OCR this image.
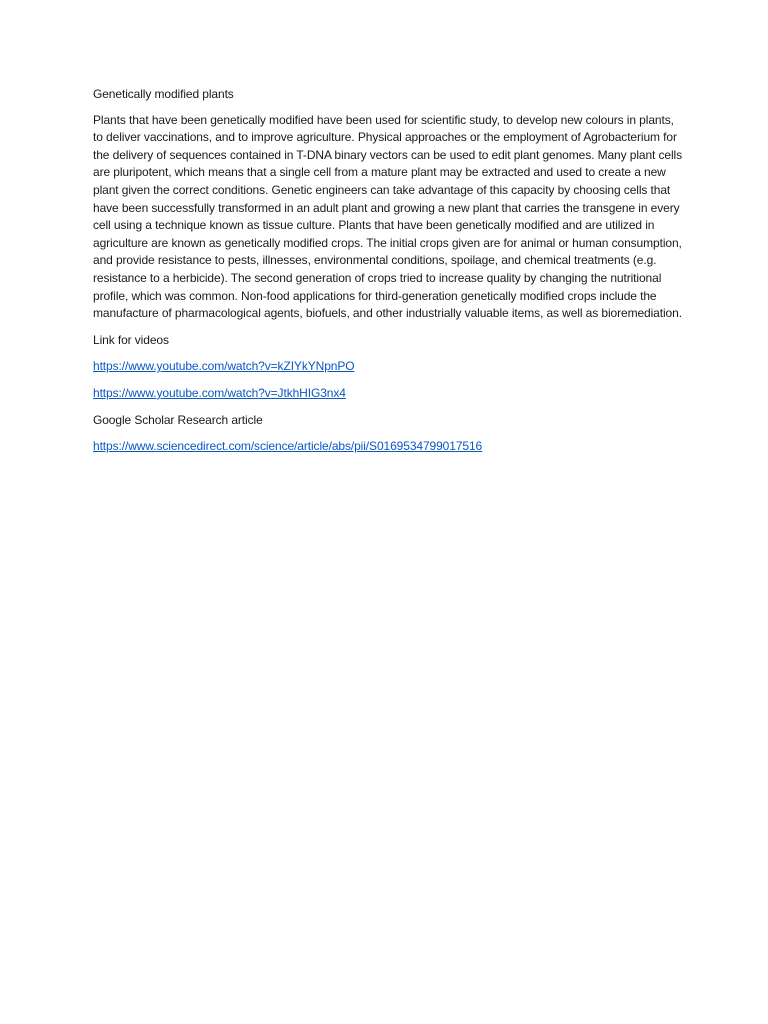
Genetically modified plants

Plants that have been genetically modified have been used for scientific study, to develop new colours in plants, to deliver vaccinations, and to improve agriculture. Physical approaches or the employment of Agrobacterium for the delivery of sequences contained in T-DNA binary vectors can be used to edit plant genomes. Many plant cells are pluripotent, which means that a single cell from a mature plant may be extracted and used to create a new plant given the correct conditions. Genetic engineers can take advantage of this capacity by choosing cells that have been successfully transformed in an adult plant and growing a new plant that carries the transgene in every cell using a technique known as tissue culture. Plants that have been genetically modified and are utilized in agriculture are known as genetically modified crops. The initial crops given are for animal or human consumption, and provide resistance to pests, illnesses, environmental conditions, spoilage, and chemical treatments (e.g. resistance to a herbicide). The second generation of crops tried to increase quality by changing the nutritional profile, which was common. Non-food applications for third-generation genetically modified crops include the manufacture of pharmacological agents, biofuels, and other industrially valuable items, as well as bioremediation.

Link for videos

https://www.youtube.com/watch?v=kZIYkYNpnPO
https://www.youtube.com/watch?v=JtkhHIG3nx4

Google Scholar Research article

https://www.sciencedirect.com/science/article/abs/pii/S0169534799017516
